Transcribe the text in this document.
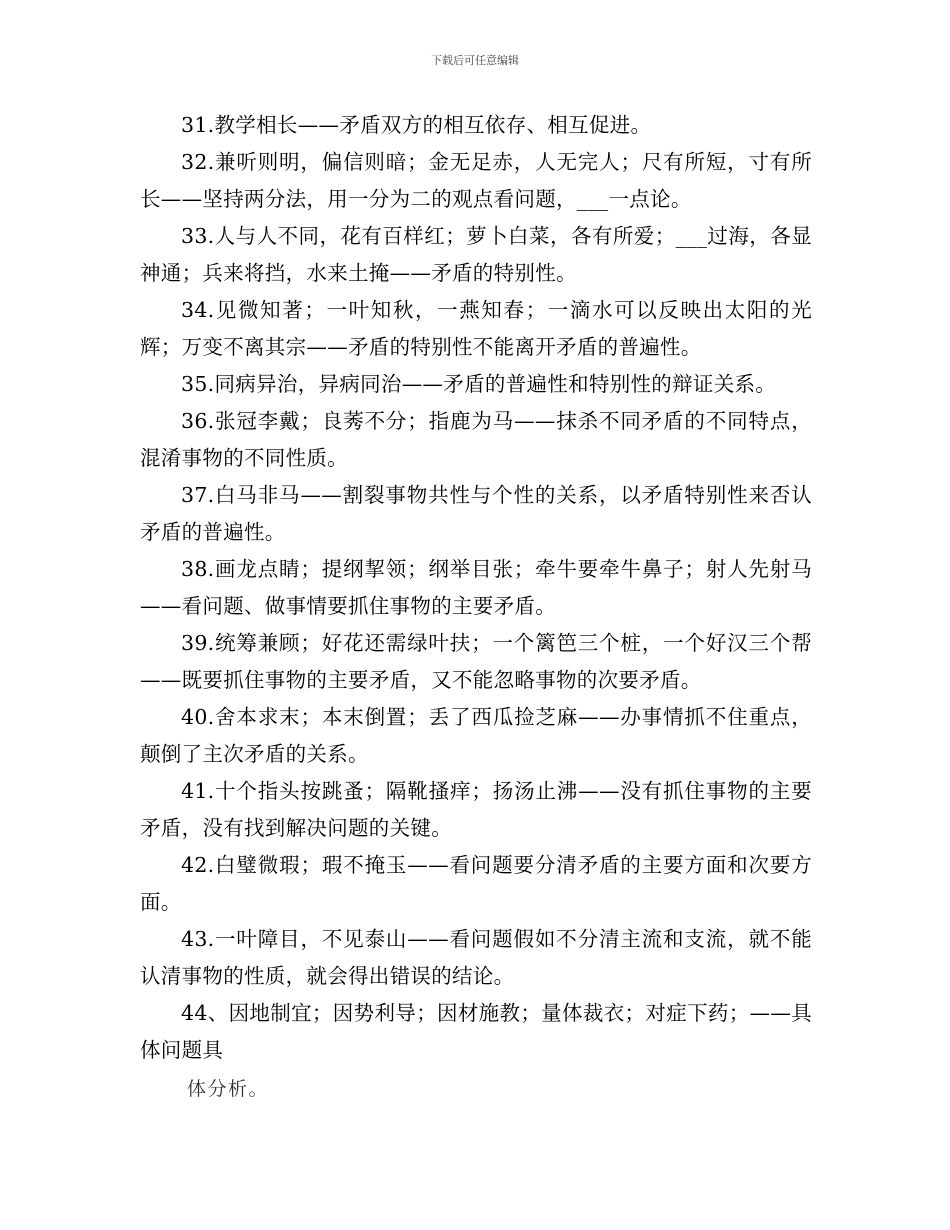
下载后可任意编辑

31.教学相长——矛盾双方的相互依存、相互促进。

32.兼听则明，偏信则暗；金无足赤，人无完人；尺有所短，寸有所长——坚持两分法，用一分为二的观点看问题，___一点论。

33.人与人不同，花有百样红；萝卜白菜，各有所爱；___过海，各显神通；兵来将挡，水来土掩——矛盾的特别性。

34.见微知著；一叶知秋，一燕知春；一滴水可以反映出太阳的光辉；万变不离其宗——矛盾的特别性不能离开矛盾的普遍性。

35.同病异治，异病同治——矛盾的普遍性和特别性的辩证关系。

36.张冠李戴；良莠不分；指鹿为马——抹杀不同矛盾的不同特点，混淆事物的不同性质。

37.白马非马——割裂事物共性与个性的关系，以矛盾特别性来否认矛盾的普遍性。

38.画龙点睛；提纲挈领；纲举目张；牵牛要牵牛鼻子；射人先射马——看问题、做事情要抓住事物的主要矛盾。

39.统筹兼顾；好花还需绿叶扶；一个篱笆三个桩，一个好汉三个帮——既要抓住事物的主要矛盾，又不能忽略事物的次要矛盾。

40.舍本求末；本末倒置；丢了西瓜捡芝麻——办事情抓不住重点，颠倒了主次矛盾的关系。

41.十个指头按跳蚤；隔靴搔痒；扬汤止沸——没有抓住事物的主要矛盾，没有找到解决问题的关键。

42.白璧微瑕；瑕不掩玉——看问题要分清矛盾的主要方面和次要方面。

43.一叶障目，不见泰山——看问题假如不分清主流和支流，就不能认清事物的性质，就会得出错误的结论。

44、因地制宜；因势利导；因材施教；量体裁衣；对症下药；——具体问题具

体分析。
